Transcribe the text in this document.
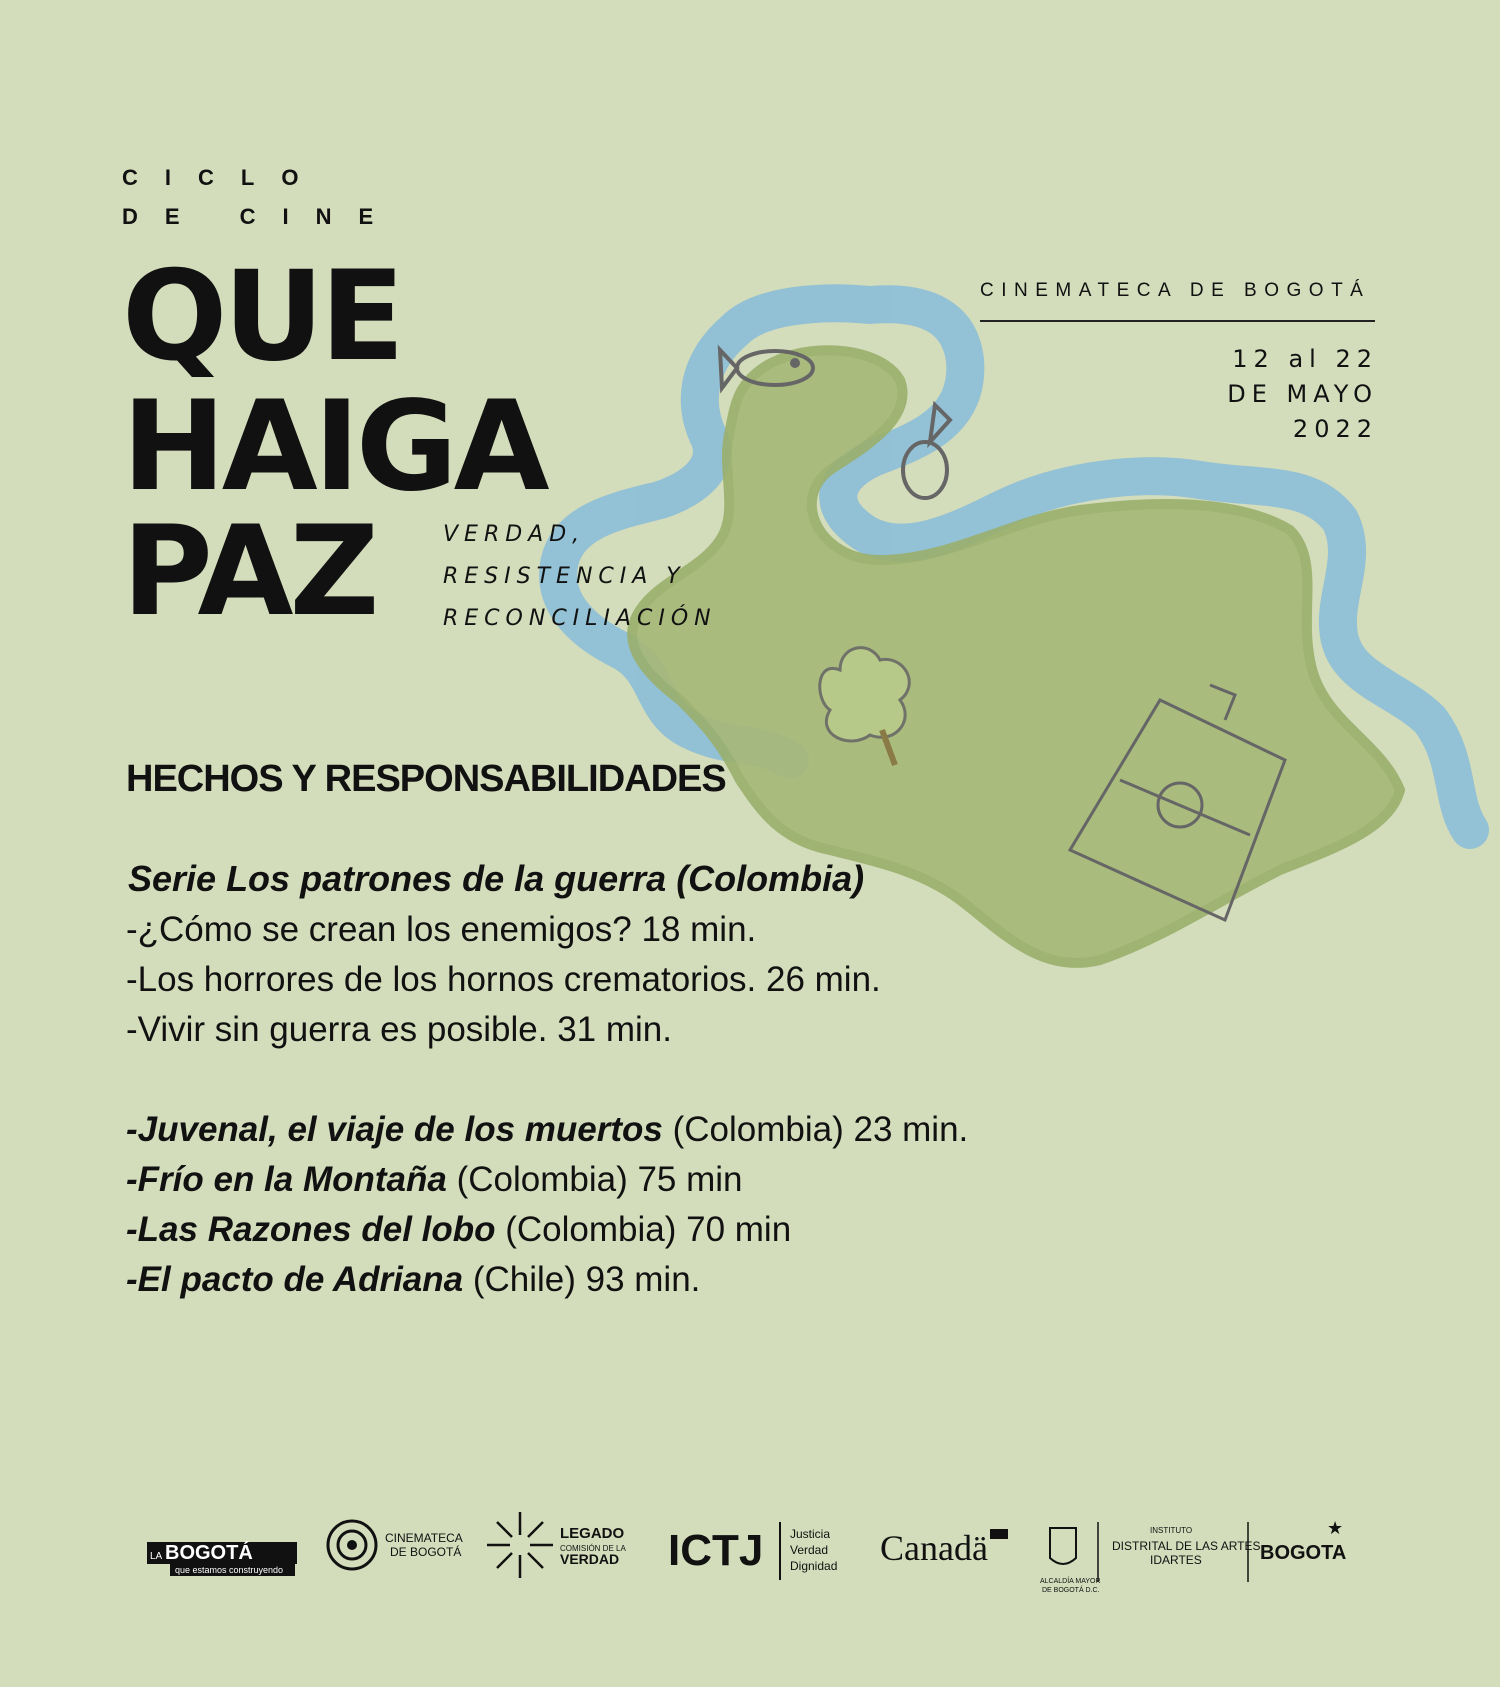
CICLO
DE CINE
QUE
HAIGA
PAZ	VERDAD,
RESISTENCIA Y
RECONCILIACIÓN
CINEMATECA DE BOGOTÁ
12 al 22
DE MAYO
2022
HECHOS Y RESPONSABILIDADES
Serie Los patrones de la guerra (Colombia)
-¿Cómo se crean los enemigos? 18 min.
-Los horrores de los hornos crematorios. 26 min.
-Vivir sin guerra es posible. 31 min.
-Juvenal, el viaje de los muertos (Colombia) 23 min.
-Frío en la Montaña (Colombia) 75 min
-Las Razones del lobo (Colombia) 70 min
-El pacto de Adriana (Chile) 93 min.
LA BOGOTÁ
que estamos construyendo
CINEMATECA
DE BOGOTÁ
LEGADO
COMISIÓN DE LA
VERDAD ICTJ Justicia
Verdad
Dignidad Canadä
ALCALDÍA MAYOR
DE BOGOTÁ D.C.
INSTITUTO
DISTRITAL DE LAS ARTES
IDARTES	BOGOTA
★
